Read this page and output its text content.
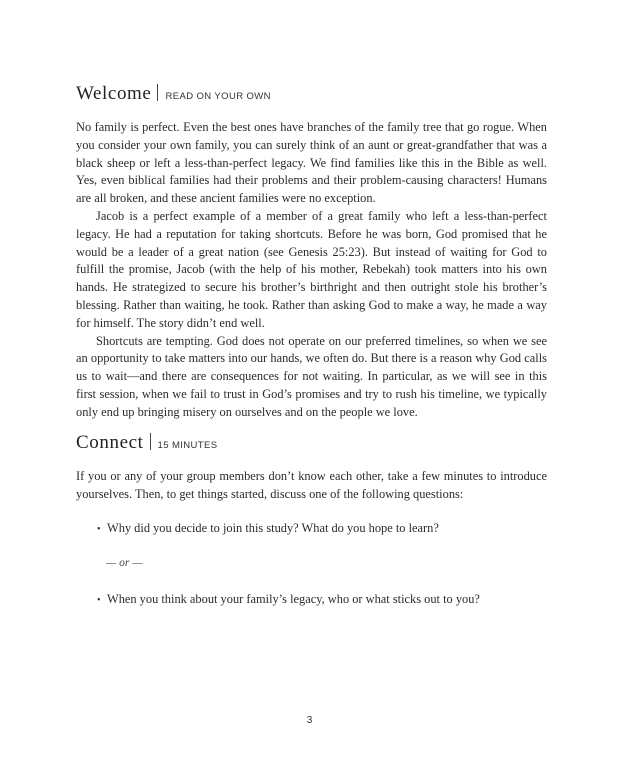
Welcome READ ON YOUR OWN

No family is perfect. Even the best ones have branches of the family tree that go rogue. When you consider your own family, you can surely think of an aunt or great-grandfather that was a black sheep or left a less-than-perfect legacy. We find families like this in the Bible as well. Yes, even biblical families had their problems and their problem-causing characters! Humans are all broken, and these ancient families were no exception.

Jacob is a perfect example of a member of a great family who left a less-than-perfect legacy. He had a reputation for taking shortcuts. Before he was born, God promised that he would be a leader of a great nation (see Genesis 25:23). But instead of waiting for God to fulfill the promise, Jacob (with the help of his mother, Rebekah) took matters into his own hands. He strategized to secure his brother’s birthright and then outright stole his brother’s blessing. Rather than waiting, he took. Rather than asking God to make a way, he made a way for himself. The story didn’t end well.

Shortcuts are tempting. God does not operate on our preferred timelines, so when we see an opportunity to take matters into our hands, we often do. But there is a reason why God calls us to wait—and there are consequences for not waiting. In particular, as we will see in this first session, when we fail to trust in God’s promises and try to rush his timeline, we typically only end up bringing misery on ourselves and on the people we love.

Connect 15 MINUTES

If you or any of your group members don’t know each other, take a few minutes to introduce yourselves. Then, to get things started, discuss one of the following questions:

• Why did you decide to join this study? What do you hope to learn?
— or —
• When you think about your family’s legacy, who or what sticks out to you?
3
